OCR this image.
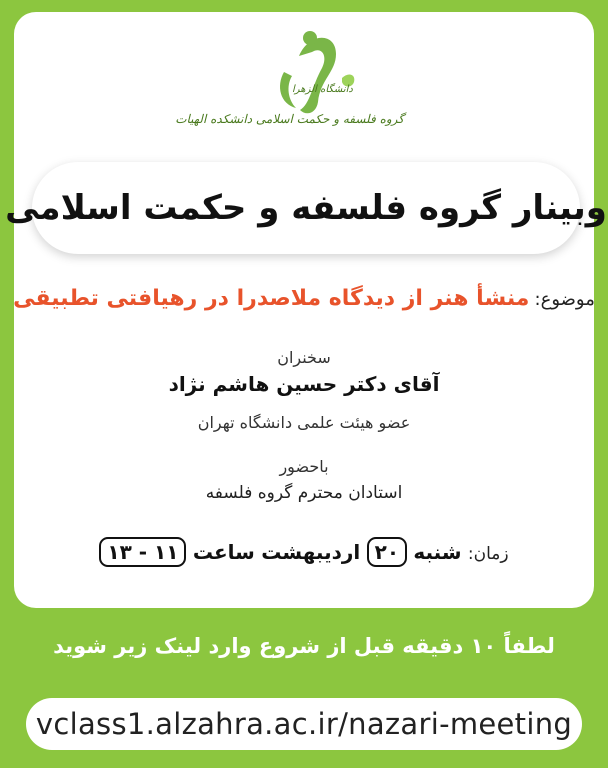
دانشگاه الزهرا
گروه فلسفه و حکمت اسلامی دانشکده الهیات
وبینار گروه فلسفه و حکمت اسلامی
موضوع: منشأ هنر از دیدگاه ملاصدرا در رهیافتی تطبیقی
سخنران
آقای دکتر حسین هاشم نژاد
عضو هیئت علمی دانشگاه تهران
باحضور
استادان محترم گروه فلسفه
زمان: شنبه ۲۰ اردیبهشت ساعت ۱۱ - ۱۳
لطفاً ۱۰ دقیقه قبل از شروع وارد لینک زیر شوید
vclass1.alzahra.ac.ir/nazari-meeting
